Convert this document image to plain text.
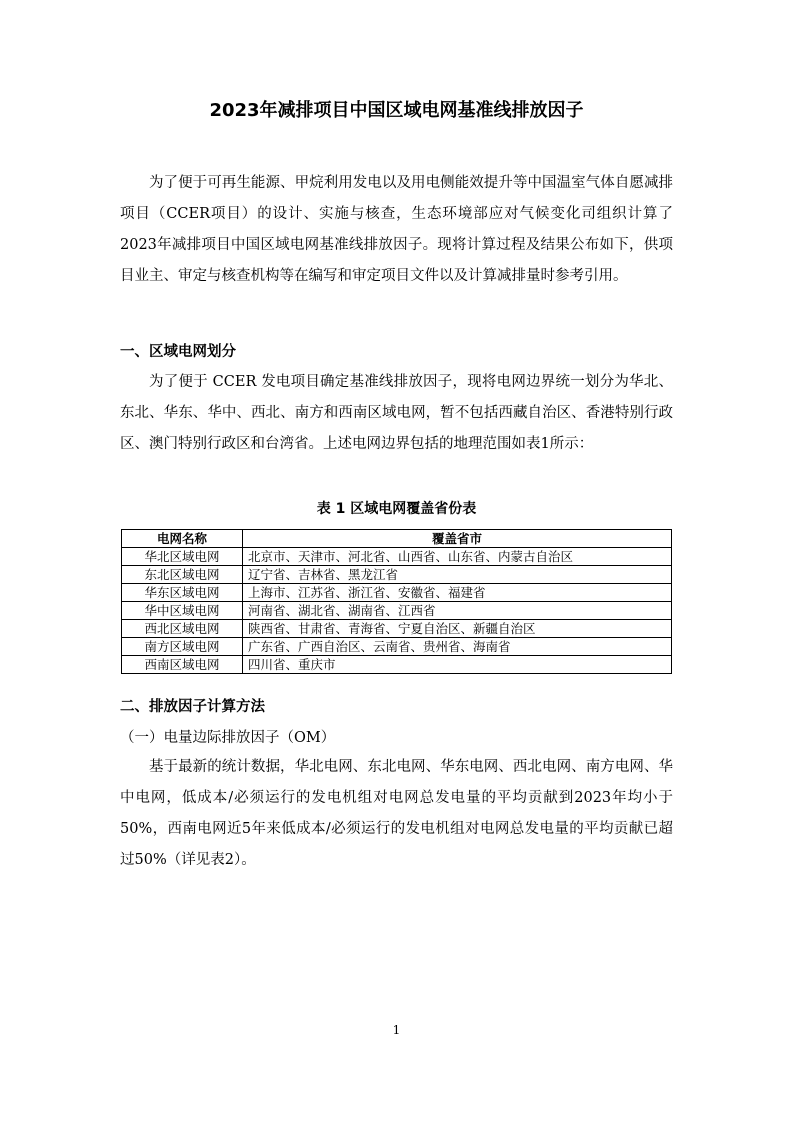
2023年减排项目中国区域电网基准线排放因子

为了便于可再生能源、甲烷利用发电以及用电侧能效提升等中国温室气体自愿减排项目（CCER项目）的设计、实施与核查，生态环境部应对气候变化司组织计算了2023年减排项目中国区域电网基准线排放因子。现将计算过程及结果公布如下，供项目业主、审定与核查机构等在编写和审定项目文件以及计算减排量时参考引用。

一、区域电网划分

为了便于 CCER 发电项目确定基准线排放因子，现将电网边界统一划分为华北、东北、华东、华中、西北、南方和西南区域电网，暂不包括西藏自治区、香港特别行政区、澳门特别行政区和台湾省。上述电网边界包括的地理范围如表1所示：

表 1 区域电网覆盖省份表
电网名称	覆盖省市
华北区域电网	北京市、天津市、河北省、山西省、山东省、内蒙古自治区
东北区域电网	辽宁省、吉林省、黑龙江省
华东区域电网	上海市、江苏省、浙江省、安徽省、福建省
华中区域电网	河南省、湖北省、湖南省、江西省
西北区域电网	陕西省、甘肃省、青海省、宁夏自治区、新疆自治区
南方区域电网	广东省、广西自治区、云南省、贵州省、海南省
西南区域电网	四川省、重庆市

二、排放因子计算方法

（一）电量边际排放因子（OM）

基于最新的统计数据，华北电网、东北电网、华东电网、西北电网、南方电网、华中电网，低成本/必须运行的发电机组对电网总发电量的平均贡献到2023年均小于50%，西南电网近5年来低成本/必须运行的发电机组对电网总发电量的平均贡献已超过50%（详见表2）。

1
